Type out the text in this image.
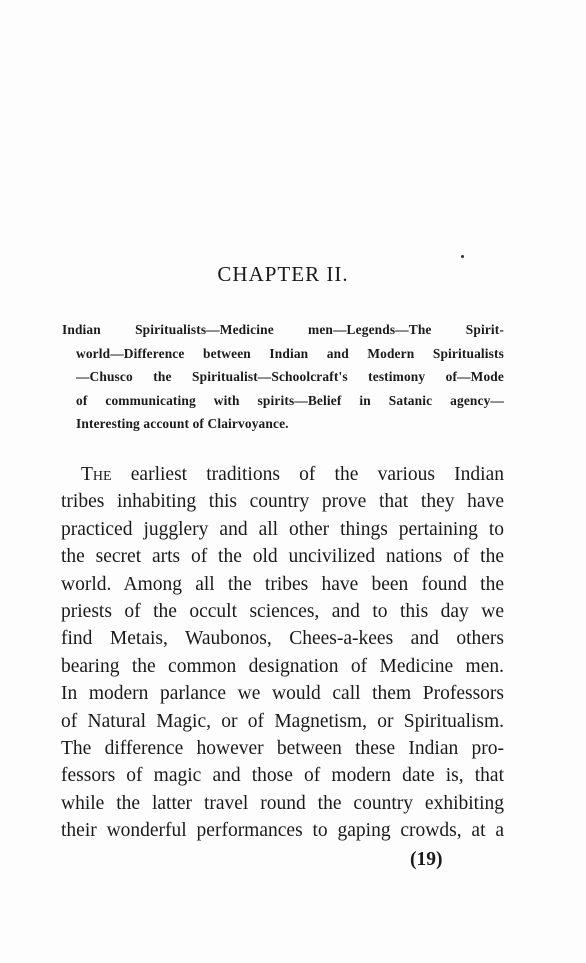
CHAPTER II.
Indian Spiritualists—Medicine men—Legends—The Spirit-
world—Difference between Indian and Modern Spiritualists
—Chusco the Spiritualist—Schoolcraft's testimony of—Mode
of communicating with spirits—Belief in Satanic agency—
Interesting account of Clairvoyance.
The earliest traditions of the various Indian
tribes inhabiting this country prove that they have
practiced jugglery and all other things pertaining to
the secret arts of the old uncivilized nations of the
world. Among all the tribes have been found the
priests of the occult sciences, and to this day we
find Metais, Waubonos, Chees-a-kees and others
bearing the common designation of Medicine men.
In modern parlance we would call them Professors
of Natural Magic, or of Magnetism, or Spiritualism.
The difference however between these Indian pro-
fessors of magic and those of modern date is, that
while the latter travel round the country exhibiting
their wonderful performances to gaping crowds, at a
(19)
